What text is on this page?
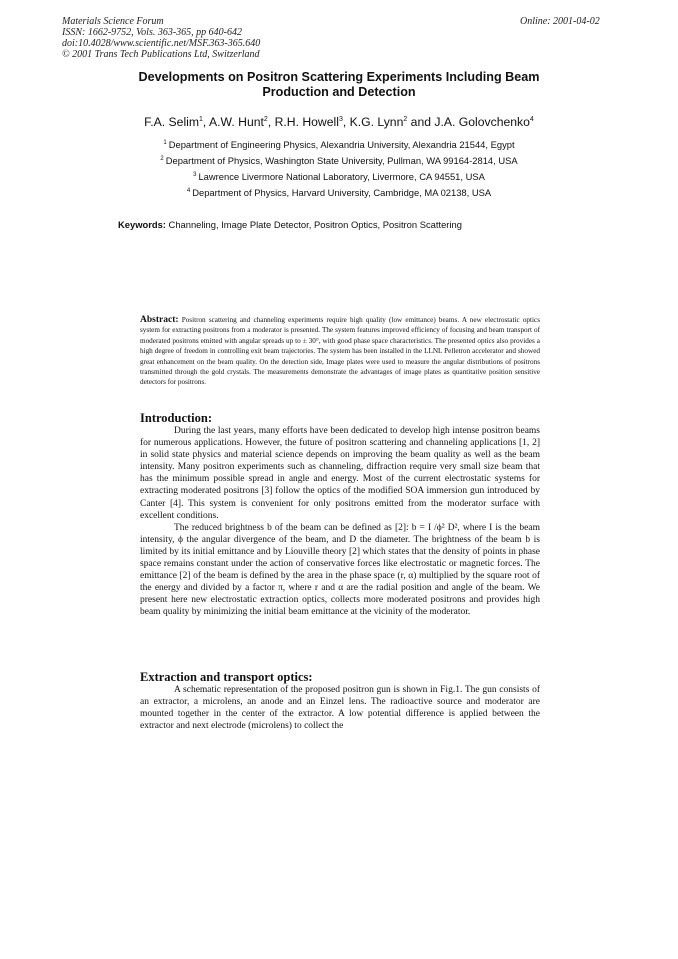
Materials Science Forum
ISSN: 1662-9752, Vols. 363-365, pp 640-642
doi:10.4028/www.scientific.net/MSF.363-365.640
© 2001 Trans Tech Publications Ltd, Switzerland
Online: 2001-04-02
Developments on Positron Scattering Experiments Including Beam
Production and Detection
F.A. Selim$^1$, A.W. Hunt$^2$, R.H. Howell$^3$, K.G. Lynn$^2$ and J.A. Golovchenko$^4$
$^1$ Department of Engineering Physics, Alexandria University, Alexandria 21544, Egypt
$^2$ Department of Physics, Washington State University, Pullman, WA 99164-2814, USA
$^3$ Lawrence Livermore National Laboratory, Livermore, CA 94551, USA
$^4$ Department of Physics, Harvard University, Cambridge, MA 02138, USA
Keywords: Channeling, Image Plate Detector, Positron Optics, Positron Scattering
Abstract: Positron scattering and channeling experiments require high quality (low emittance) beams. A new electrostatic optics system for extracting positrons from a moderator is presented. The system features improved efficiency of focusing and beam transport of moderated positrons emitted with angular spreads up to ± 30°, with good phase space characteristics. The presented optics also provides a high degree of freedom in controlling exit beam trajectories. The system has been installed in the LLNL Pelletron accelerator and showed great enhancement on the beam quality. On the detection side, Image plates were used to measure the angular distributions of positrons transmitted through the gold crystals. The measurements demonstrate the advantages of image plates as quantitative position sensitive detectors for positrons.
Introduction:

During the last years, many efforts have been dedicated to develop high intense positron beams for numerous applications. However, the future of positron scattering and channeling applications [1, 2] in solid state physics and material science depends on improving the beam quality as well as the beam intensity. Many positron experiments such as channeling, diffraction require very small size beam that has the minimum possible spread in angle and energy. Most of the current electrostatic systems for extracting moderated positrons [3] follow the optics of the modified SOA immersion gun introduced by Canter [4]. This system is convenient for only positrons emitted from the moderator surface with excellent conditions.

The reduced brightness b of the beam can be defined as [2]: b = I /ϕ² D², where I is the beam intensity, ϕ the angular divergence of the beam, and D the diameter. The brightness of the beam b is limited by its initial emittance and by Liouville theory [2] which states that the density of points in phase space remains constant under the action of conservative forces like electrostatic or magnetic forces. The emittance [2] of the beam is defined by the area in the phase space (r, α) multiplied by the square root of the energy and divided by a factor π, where r and α are the radial position and angle of the beam. We present here new electrostatic extraction optics, collects more moderated positrons and provides high beam quality by minimizing the initial beam emittance at the vicinity of the moderator.

Extraction and transport optics:

A schematic representation of the proposed positron gun is shown in Fig.1. The gun consists of an extractor, a microlens, an anode and an Einzel lens. The radioactive source and moderator are mounted together in the center of the extractor. A low potential difference is applied between the extractor and next electrode (microlens) to collect the
